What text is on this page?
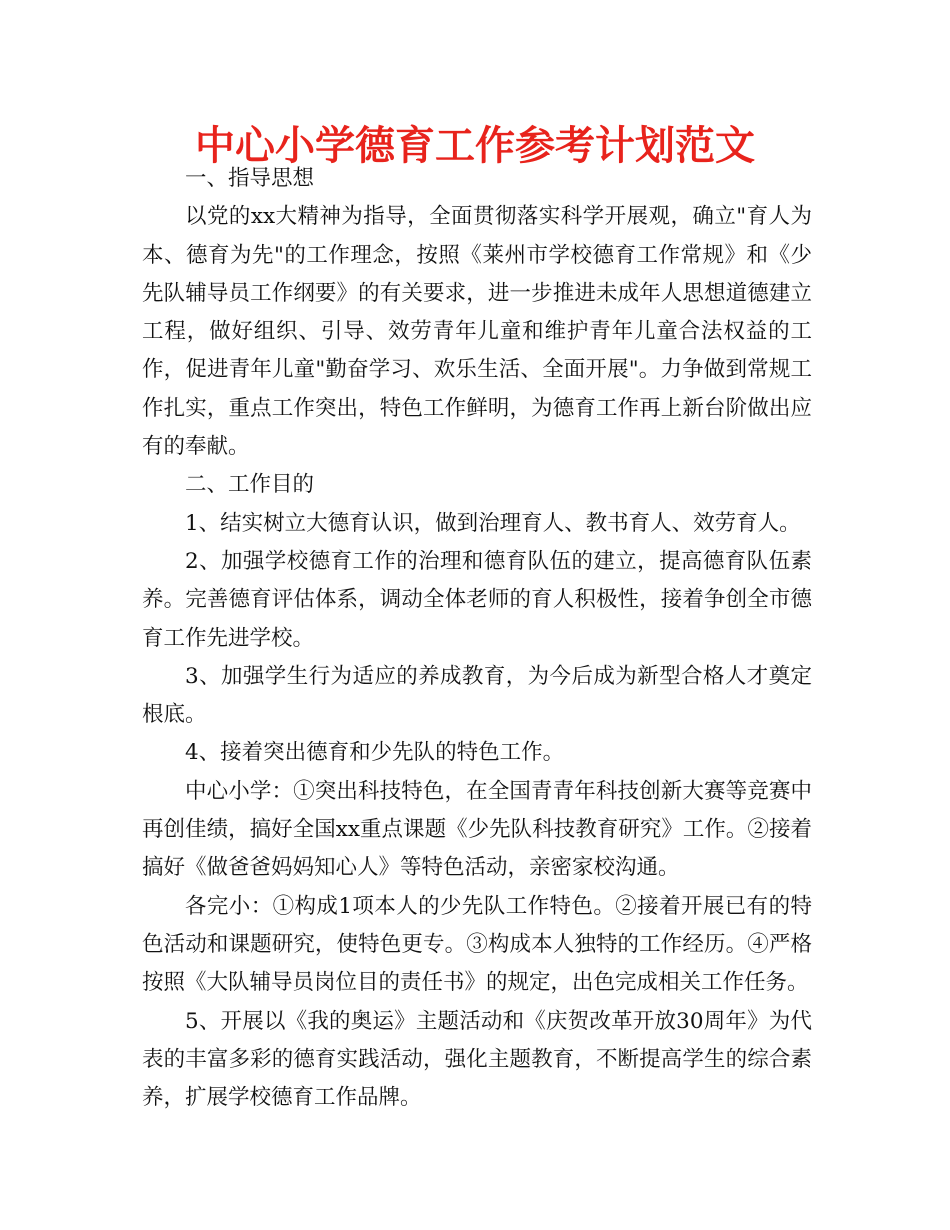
中心小学德育工作参考计划范文

一、指导思想

以党的xx大精神为指导，全面贯彻落实科学开展观，确立"育人为本、德育为先"的工作理念，按照《莱州市学校德育工作常规》和《少先队辅导员工作纲要》的有关要求，进一步推进未成年人思想道德建立工程，做好组织、引导、效劳青年儿童和维护青年儿童合法权益的工作，促进青年儿童"勤奋学习、欢乐生活、全面开展"。力争做到常规工作扎实，重点工作突出，特色工作鲜明，为德育工作再上新台阶做出应有的奉献。

二、工作目的

1、结实树立大德育认识，做到治理育人、教书育人、效劳育人。

2、加强学校德育工作的治理和德育队伍的建立，提高德育队伍素养。完善德育评估体系，调动全体老师的育人积极性，接着争创全市德育工作先进学校。

3、加强学生行为适应的养成教育，为今后成为新型合格人才奠定根底。

4、接着突出德育和少先队的特色工作。

中心小学：①突出科技特色，在全国青青年科技创新大赛等竞赛中再创佳绩，搞好全国xx重点课题《少先队科技教育研究》工作。②接着搞好《做爸爸妈妈知心人》等特色活动，亲密家校沟通。

各完小：①构成1项本人的少先队工作特色。②接着开展已有的特色活动和课题研究，使特色更专。③构成本人独特的工作经历。④严格按照《大队辅导员岗位目的责任书》的规定，出色完成相关工作任务。

5、开展以《我的奥运》主题活动和《庆贺改革开放30周年》为代表的丰富多彩的德育实践活动，强化主题教育，不断提高学生的综合素养，扩展学校德育工作品牌。
